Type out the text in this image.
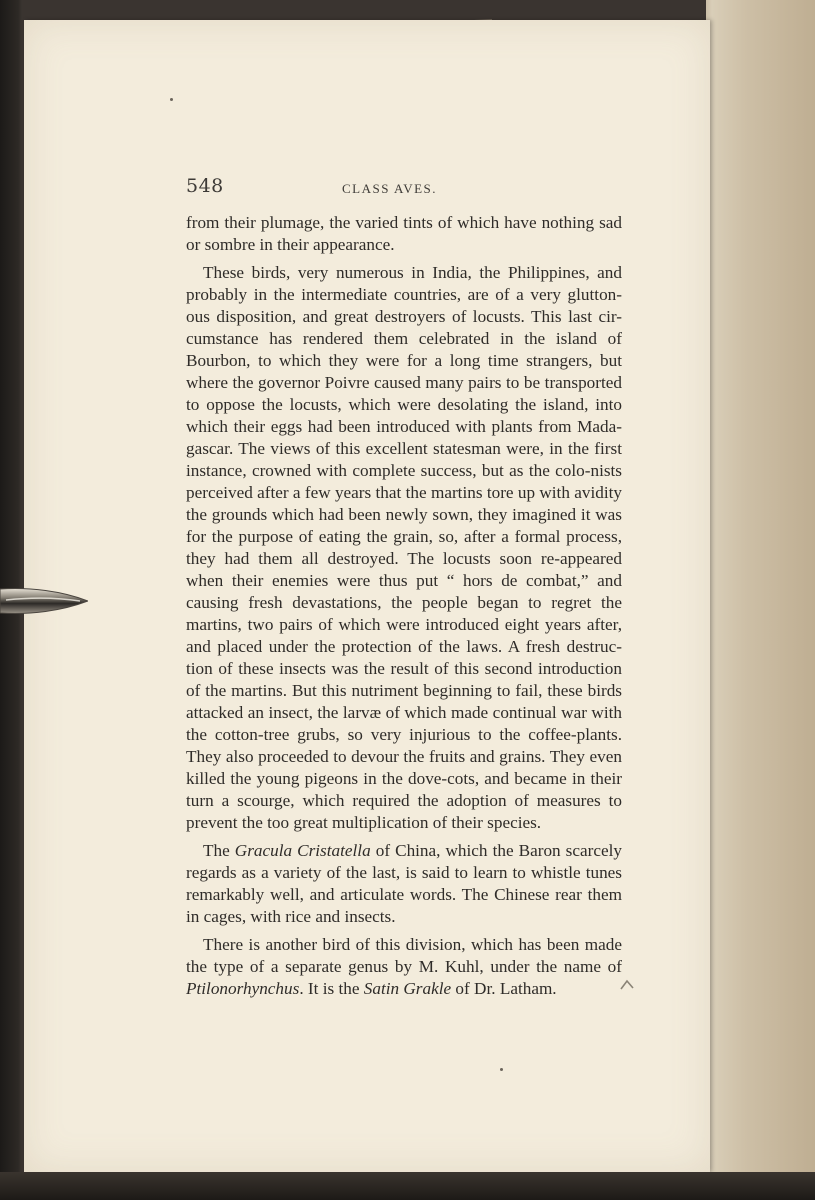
548	CLASS AVES.

from their plumage, the varied tints of which have nothing sad or sombre in their appearance.

These birds, very numerous in India, the Philippines, and probably in the intermediate countries, are of a very glutton-ous disposition, and great destroyers of locusts. This last cir-cumstance has rendered them celebrated in the island of Bourbon, to which they were for a long time strangers, but where the governor Poivre caused many pairs to be transported to oppose the locusts, which were desolating the island, into which their eggs had been introduced with plants from Mada-gascar. The views of this excellent statesman were, in the first instance, crowned with complete success, but as the colo-nists perceived after a few years that the martins tore up with avidity the grounds which had been newly sown, they imagined it was for the purpose of eating the grain, so, after a formal process, they had them all destroyed. The locusts soon re-appeared when their enemies were thus put “ hors de combat,” and causing fresh devastations, the people began to regret the martins, two pairs of which were introduced eight years after, and placed under the protection of the laws. A fresh destruc-tion of these insects was the result of this second introduction of the martins. But this nutriment beginning to fail, these birds attacked an insect, the larvæ of which made continual war with the cotton-tree grubs, so very injurious to the coffee-plants. They also proceeded to devour the fruits and grains. They even killed the young pigeons in the dove-cots, and became in their turn a scourge, which required the adoption of measures to prevent the too great multiplication of their species.

The Gracula Cristatella of China, which the Baron scarcely regards as a variety of the last, is said to learn to whistle tunes remarkably well, and articulate words. The Chinese rear them in cages, with rice and insects.

There is another bird of this division, which has been made the type of a separate genus by M. Kuhl, under the name of Ptilonorhynchus. It is the Satin Grakle of Dr. Latham.
